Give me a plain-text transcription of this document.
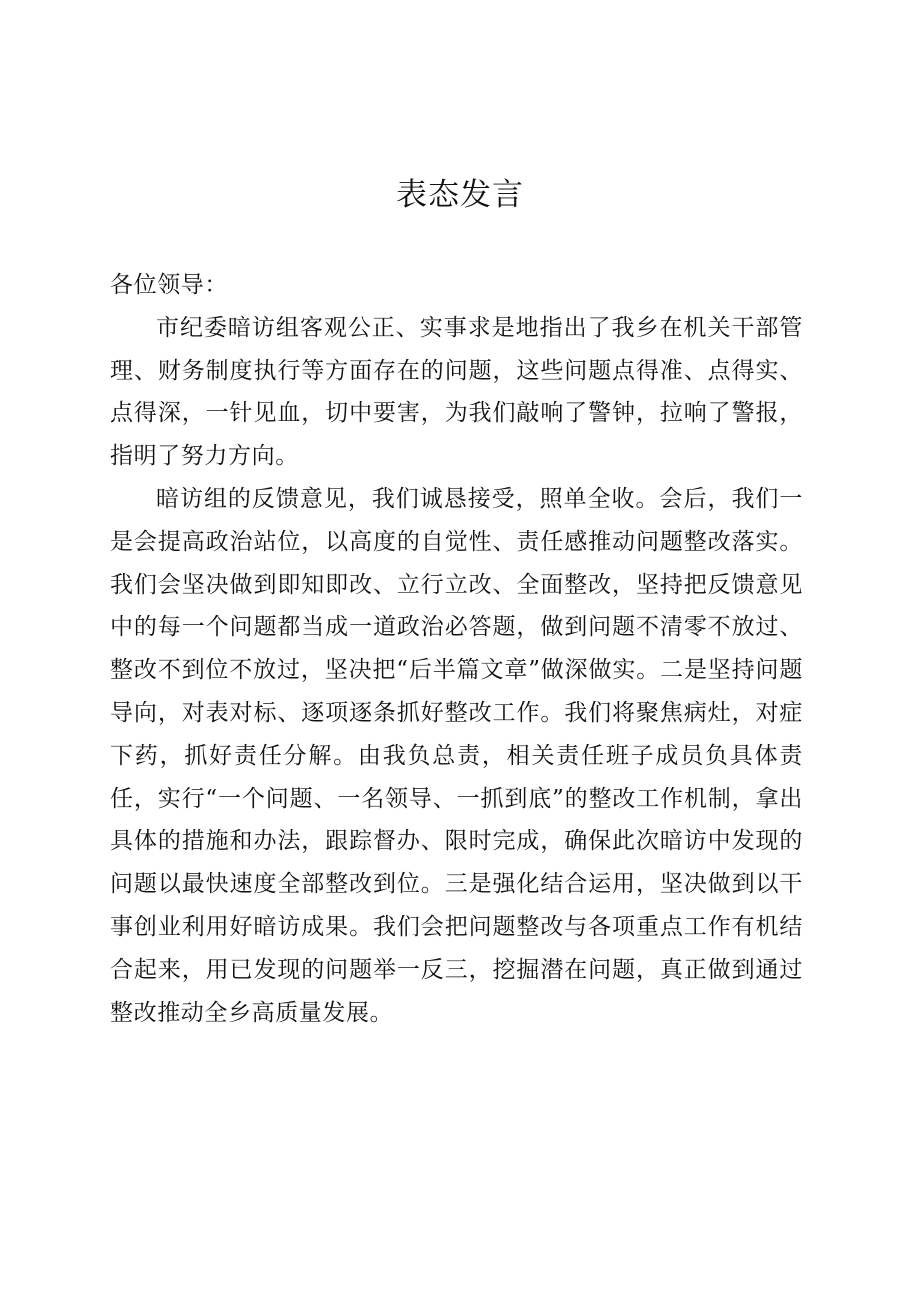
表态发言

各位领导：

市纪委暗访组客观公正、实事求是地指出了我乡在机关干部管理、财务制度执行等方面存在的问题，这些问题点得准、点得实、点得深，一针见血，切中要害，为我们敲响了警钟，拉响了警报，指明了努力方向。

暗访组的反馈意见，我们诚恳接受，照单全收。会后，我们一是会提高政治站位，以高度的自觉性、责任感推动问题整改落实。我们会坚决做到即知即改、立行立改、全面整改，坚持把反馈意见中的每一个问题都当成一道政治必答题，做到问题不清零不放过、整改不到位不放过，坚决把“后半篇文章”做深做实。二是坚持问题导向，对表对标、逐项逐条抓好整改工作。我们将聚焦病灶，对症下药，抓好责任分解。由我负总责，相关责任班子成员负具体责任，实行“一个问题、一名领导、一抓到底”的整改工作机制，拿出具体的措施和办法，跟踪督办、限时完成，确保此次暗访中发现的问题以最快速度全部整改到位。三是强化结合运用，坚决做到以干事创业利用好暗访成果。我们会把问题整改与各项重点工作有机结合起来，用已发现的问题举一反三，挖掘潜在问题，真正做到通过整改推动全乡高质量发展。
